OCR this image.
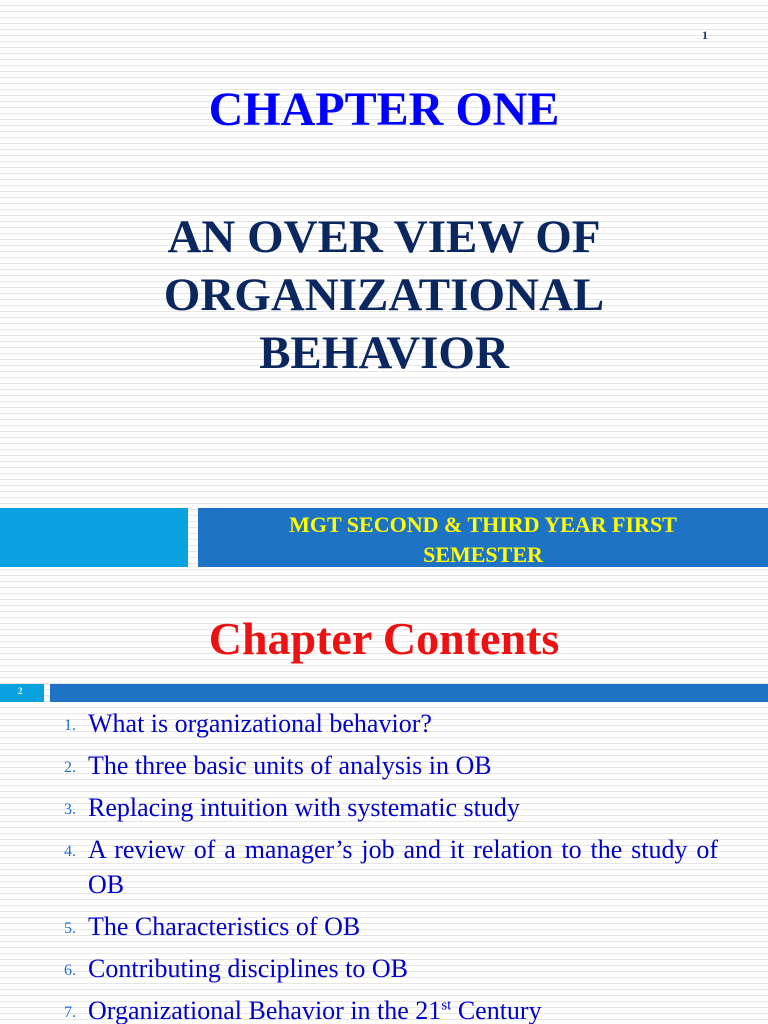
1
CHAPTER ONE
AN OVER VIEW OF
ORGANIZATIONAL
BEHAVIOR
MGT SECOND & THIRD YEAR FIRST
SEMESTER
Chapter Contents
2
1. What is organizational behavior?
2. The three basic units of analysis in OB
3. Replacing intuition with systematic study
4. A review of a manager’s job and it relation to the study of OB
5. The Characteristics of OB
6. Contributing disciplines to OB
7. Organizational Behavior in the 21st Century
